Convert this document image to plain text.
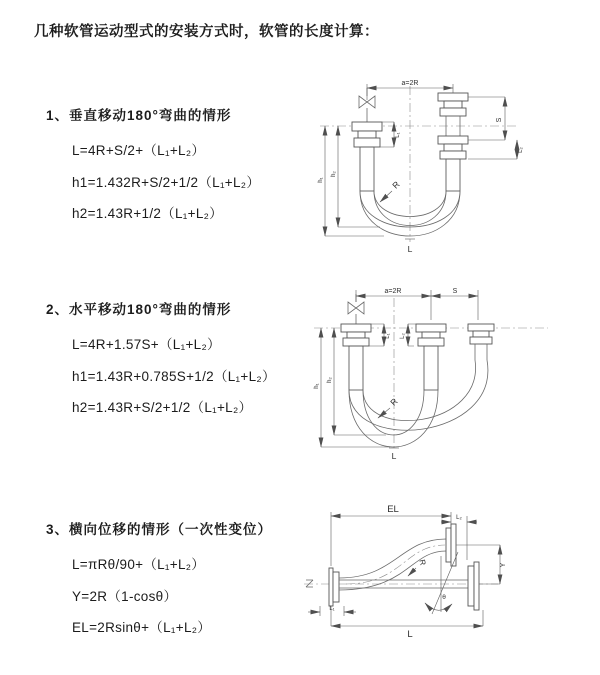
几种软管运动型式的安装方式时，软管的长度计算：
1、垂直移动180°弯曲的情形
L=4R+S/2+（L₁+L₂）
h1=1.432R+S/2+1/2（L₁+L₂）
h2=1.43R+1/2（L₁+L₂）
2、水平移动180°弯曲的情形
L=4R+1.57S+（L₁+L₂）
h1=1.43R+0.785S+1/2（L₁+L₂）
h2=1.43R+S/2+1/2（L₁+L₂）
3、横向位移的情形（一次性变位）
L=πRθ/90+（L₁+L₂）
Y=2R（1-cosθ）
EL=2Rsinθ+（L₁+L₂）
a=2R
S
L₂
L₁
h₁
h₂
R
L
a=2R	S
L₁ L₂
h₁
h₂
R
L
θ
R
EL
L₂
Y
L₁
L
